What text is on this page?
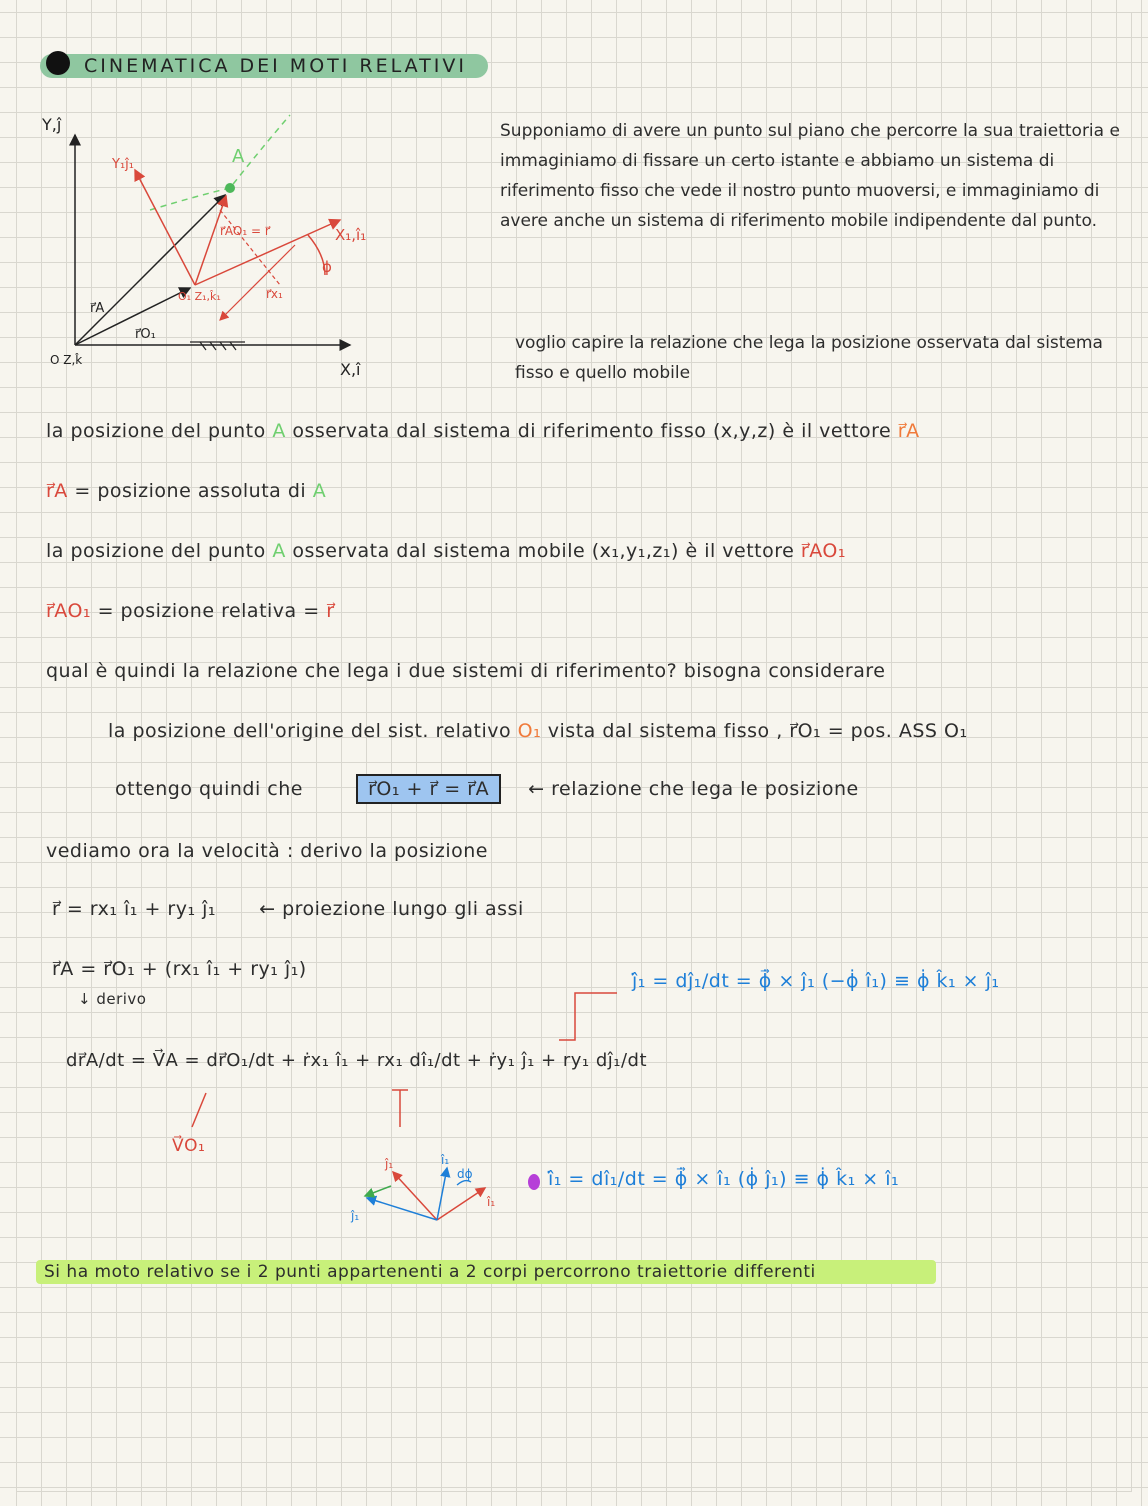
CINEMATICA DEI MOTI RELATIVI
Y,ĵ
X,î
O Z,k̂
A
Y₁ĵ₁
X₁,î₁
ϕ
r⃗A
r⃗O₁
r⃗AO₁ = r⃗
O₁ Z₁,k̂₁	r⃗x₁
Supponiamo di avere un punto sul piano che percorre la sua traiettoria e immaginiamo di fissare un certo istante e abbiamo un sistema di riferimento fisso che vede il nostro punto muoversi, e immaginiamo di avere anche un sistema di riferimento mobile indipendente dal punto.
voglio capire la relazione che lega la posizione osservata dal sistema fisso e quello mobile
la posizione del punto A osservata dal sistema di riferimento fisso (x,y,z) è il vettore r⃗A
r⃗A = posizione assoluta di A
la posizione del punto A osservata dal sistema mobile (x₁,y₁,z₁) è il vettore r⃗AO₁
r⃗AO₁ = posizione relativa = r⃗
qual è quindi la relazione che lega i due sistemi di riferimento? bisogna considerare
la posizione dell'origine del sist. relativo O₁ vista dal sistema fisso , r⃗O₁ = pos. ASS O₁
ottengo quindi che	r⃗O₁ + r⃗ = r⃗A ← relazione che lega le posizione
vediamo ora la velocità : derivo la posizione
r⃗ = rx₁ î₁ + ry₁ ĵ₁ ← proiezione lungo gli assi
r⃗A = r⃗O₁ + (rx₁ î₁ + ry₁ ĵ₁)
↓ derivo
ĵ̇₁ = dĵ₁/dt = ϕ⃗̇ × ĵ₁ (−ϕ̇ î₁) ≡ ϕ̇ k̂₁ × ĵ₁
dr⃗A/dt = V⃗A = dr⃗O₁/dt + ṙx₁ î₁ + rx₁ dî₁/dt + ṙy₁ ĵ₁ + ry₁ dĵ₁/dt
V⃗O₁
ĵ₁
î₁
î₁
dϕ
ĵ₁
î̇₁ = dî₁/dt = ϕ⃗̇ × î₁ (ϕ̇ ĵ₁) ≡ ϕ̇ k̂₁ × î₁
Si ha moto relativo se i 2 punti appartenenti a 2 corpi percorrono traiettorie differenti
